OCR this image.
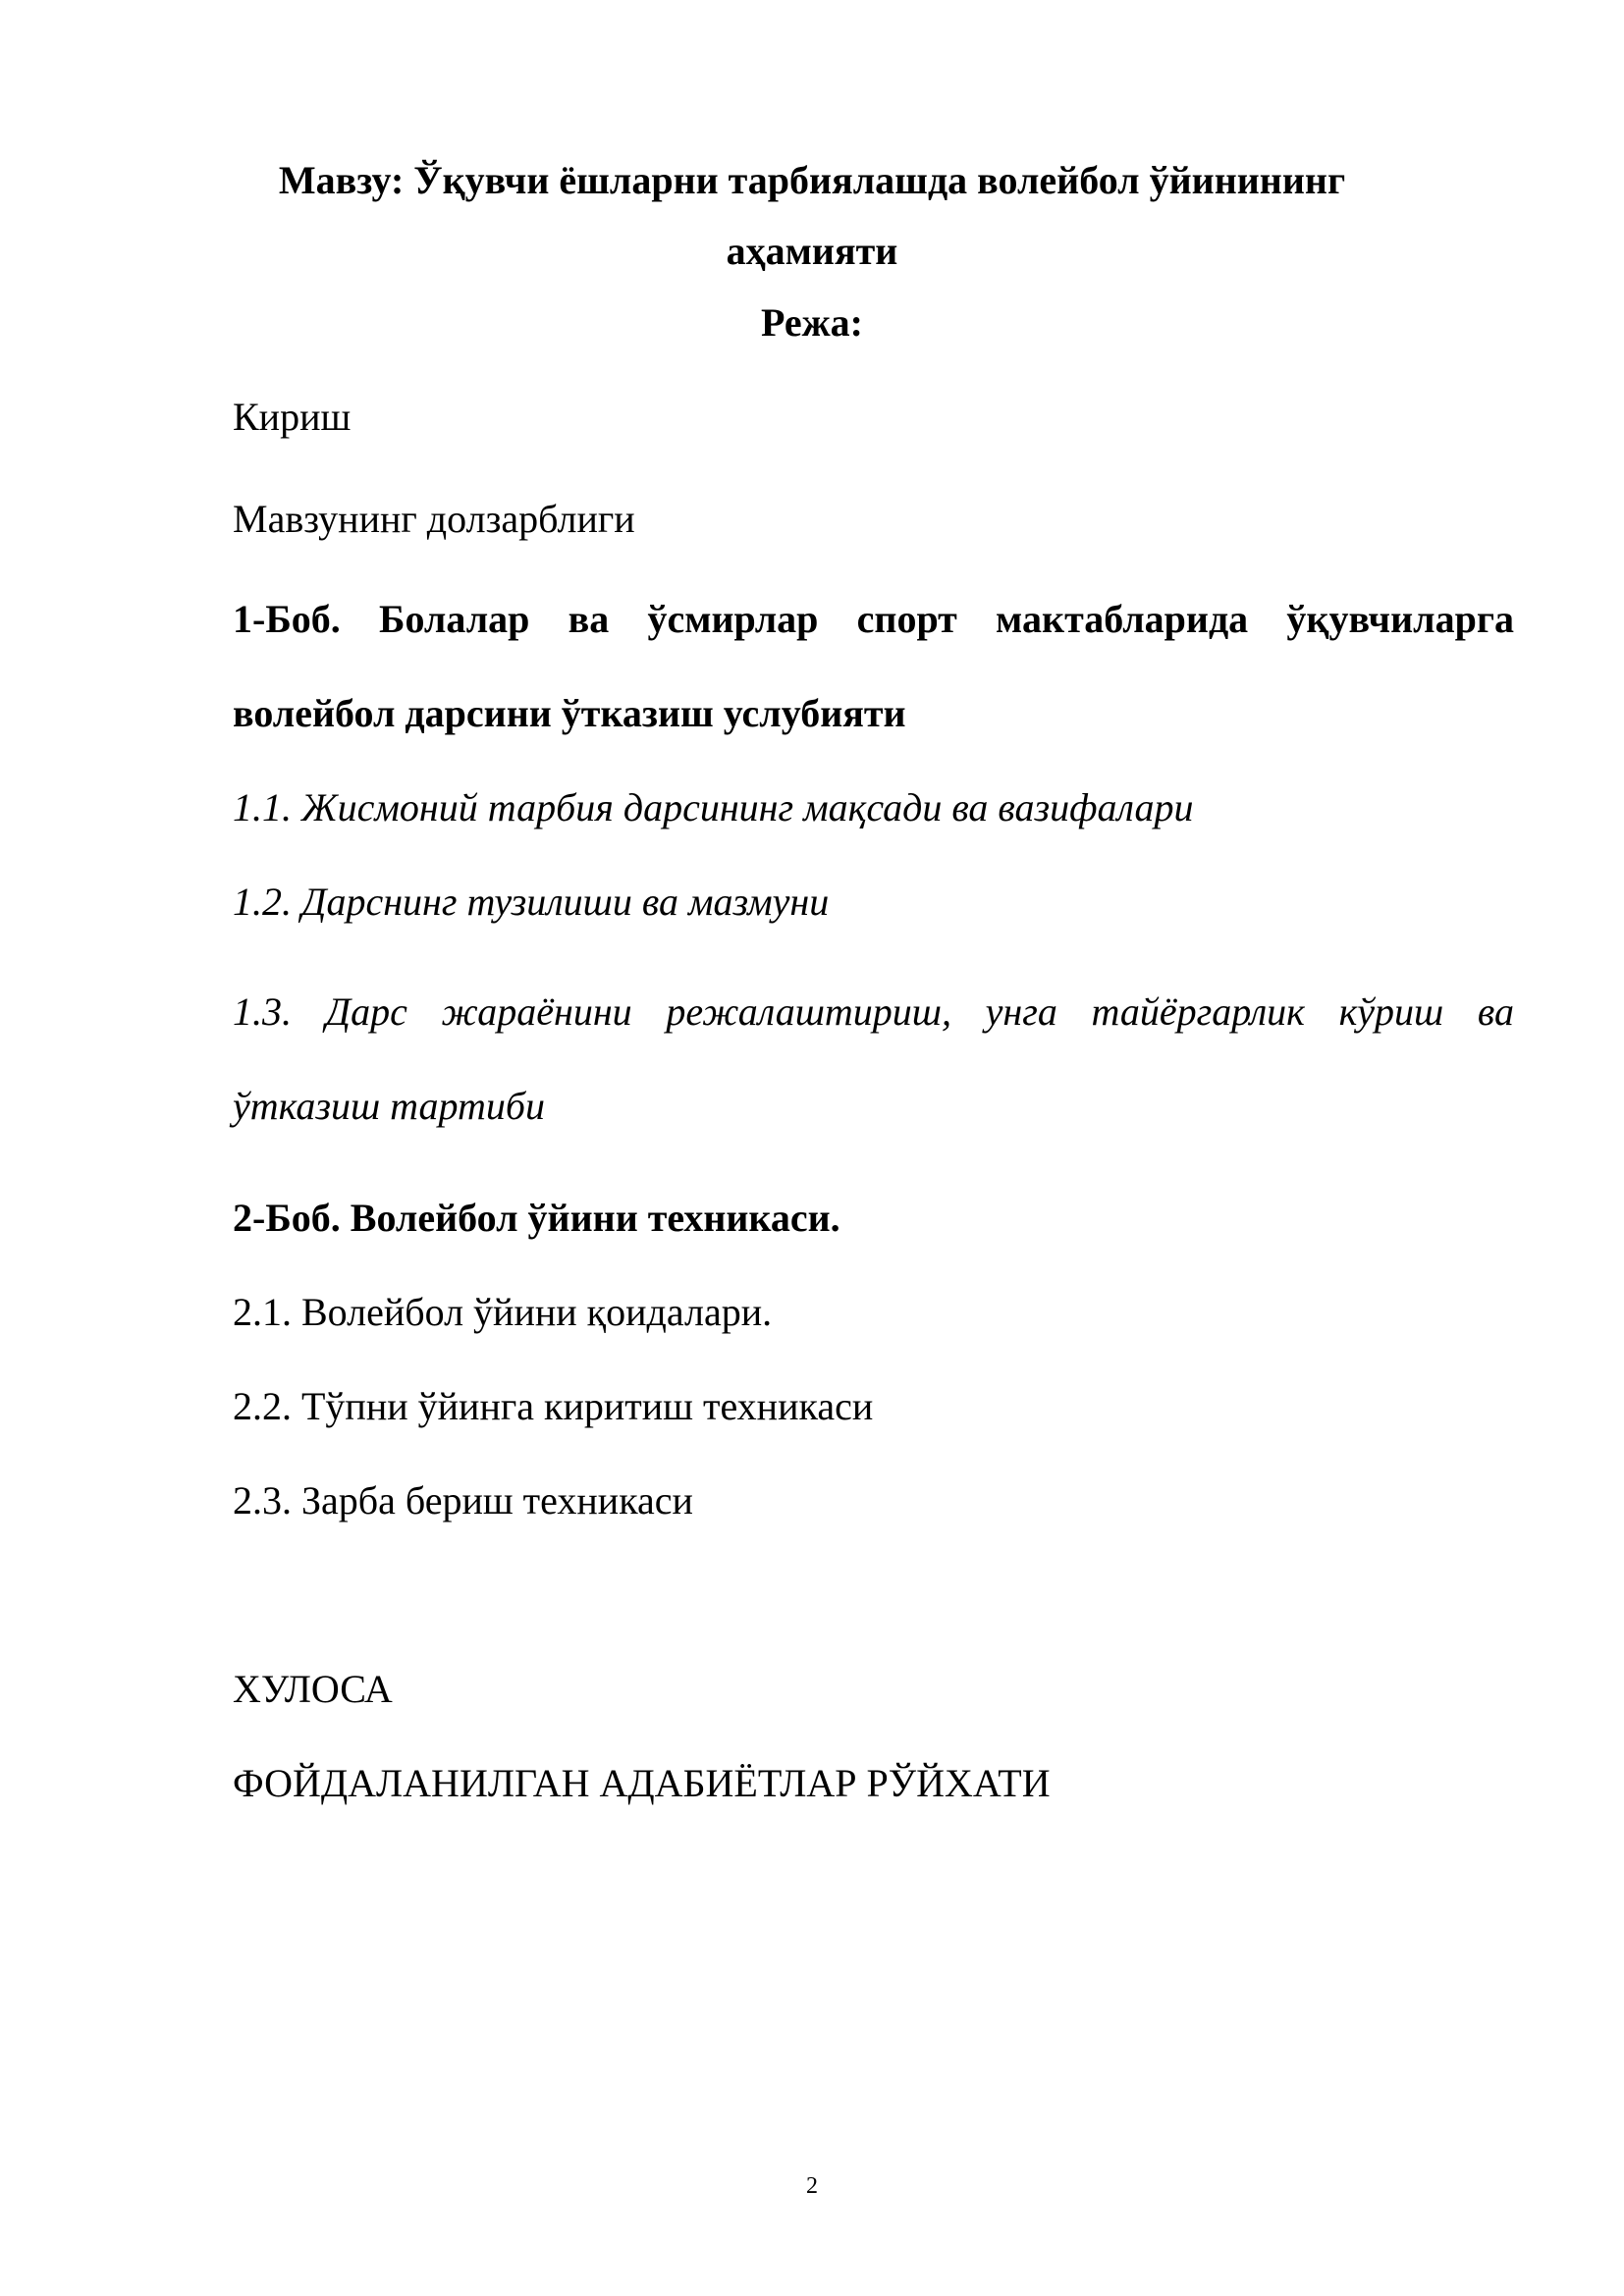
Мавзу: Ўқувчи ёшларни тарбиялашда волейбол ўйинининг
аҳамияти
Режа:
Кириш
Мавзунинг долзарблиги
1-Боб. Болалар ва ўсмирлар спорт мактабларида ўқувчиларга
волейбол дарсини ўтказиш услубияти
1.1. Жисмоний тарбия дарсининг мақсади ва вазифалари
1.2. Дарснинг тузилиши ва мазмуни
1.3. Дарс жараёнини режалаштириш, унга тайёргарлик кўриш ва
ўтказиш тартиби
2-Боб. Волейбол ўйини техникаси.
2.1. Волейбол ўйини қоидалари.
2.2. Тўпни ўйинга киритиш техникаси
2.3. Зарба бериш техникаси
ХУЛОСА
ФОЙДАЛАНИЛГАН АДАБИЁТЛАР РЎЙХАТИ
2
